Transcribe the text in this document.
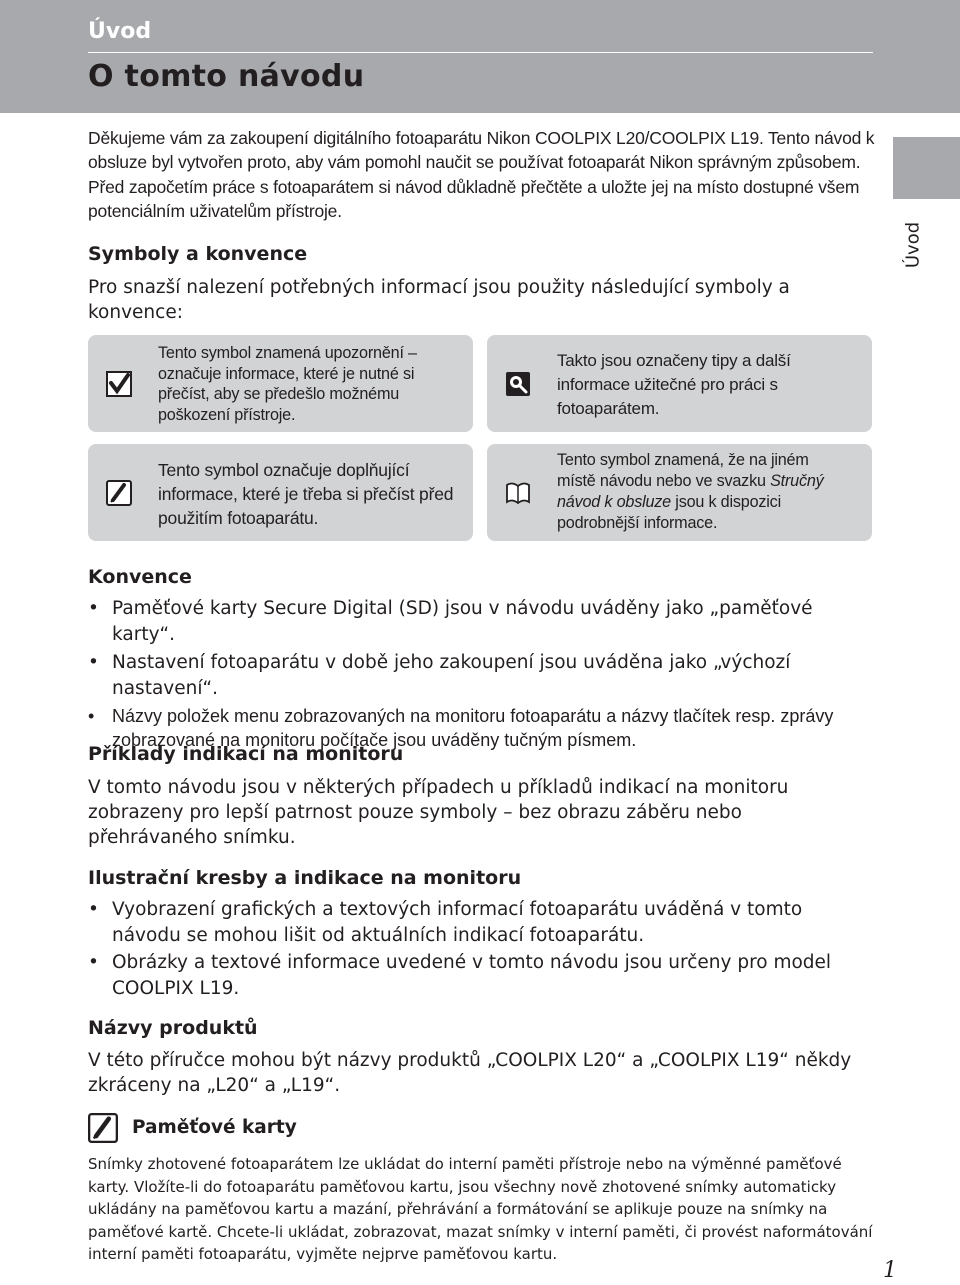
Úvod
O tomto návodu
Úvod

Děkujeme vám za zakoupení digitálního fotoaparátu Nikon COOLPIX L20/COOLPIX L19. Tento návod k obsluze byl vytvořen proto, aby vám pomohl naučit se používat fotoaparát Nikon správným způsobem. Před započetím práce s fotoaparátem si návod důkladně přečtěte a uložte jej na místo dostupné všem potenciálním uživatelům přístroje.

Symboly a konvence

Pro snazší nalezení potřebných informací jsou použity následující symboly a konvence:

Tento symbol znamená upozornění – označuje informace, které je nutné si přečíst, aby se předešlo možnému poškození přístroje.
Takto jsou označeny tipy a další informace užitečné pro práci s fotoaparátem.
Tento symbol označuje doplňující informace, které je třeba si přečíst před použitím fotoaparátu.
Tento symbol znamená, že na jiném místě návodu nebo ve svazku Stručný návod k obsluze jsou k dispozici podrobnější informace.
Konvence
• Paměťové karty Secure Digital (SD) jsou v návodu uváděny jako „paměťové karty“.
• Nastavení fotoaparátu v době jeho zakoupení jsou uváděna jako „výchozí nastavení“.
• Názvy položek menu zobrazovaných na monitoru fotoaparátu a názvy tlačítek resp. zprávy zobrazované na monitoru počítače jsou uváděny tučným písmem.
Příklady indikací na monitoru

V tomto návodu jsou v některých případech u příkladů indikací na monitoru zobrazeny pro lepší patrnost pouze symboly – bez obrazu záběru nebo přehrávaného snímku.

Ilustrační kresby a indikace na monitoru
• Vyobrazení grafických a textových informací fotoaparátu uváděná v tomto návodu se mohou lišit od aktuálních indikací fotoaparátu.
• Obrázky a textové informace uvedené v tomto návodu jsou určeny pro model COOLPIX L19.
Názvy produktů

V této příručce mohou být názvy produktů „COOLPIX L20“ a „COOLPIX L19“ někdy zkráceny na „L20“ a „L19“.

Paměťové karty

Snímky zhotovené fotoaparátem lze ukládat do interní paměti přístroje nebo na výměnné paměťové karty. Vložíte-li do fotoaparátu paměťovou kartu, jsou všechny nově zhotovené snímky automaticky ukládány na paměťovou kartu a mazání, přehrávání a formátování se aplikuje pouze na snímky na paměťové kartě. Chcete-li ukládat, zobrazovat, mazat snímky v interní paměti, či provést naformátování interní paměti fotoaparátu, vyjměte nejprve paměťovou kartu.

1
